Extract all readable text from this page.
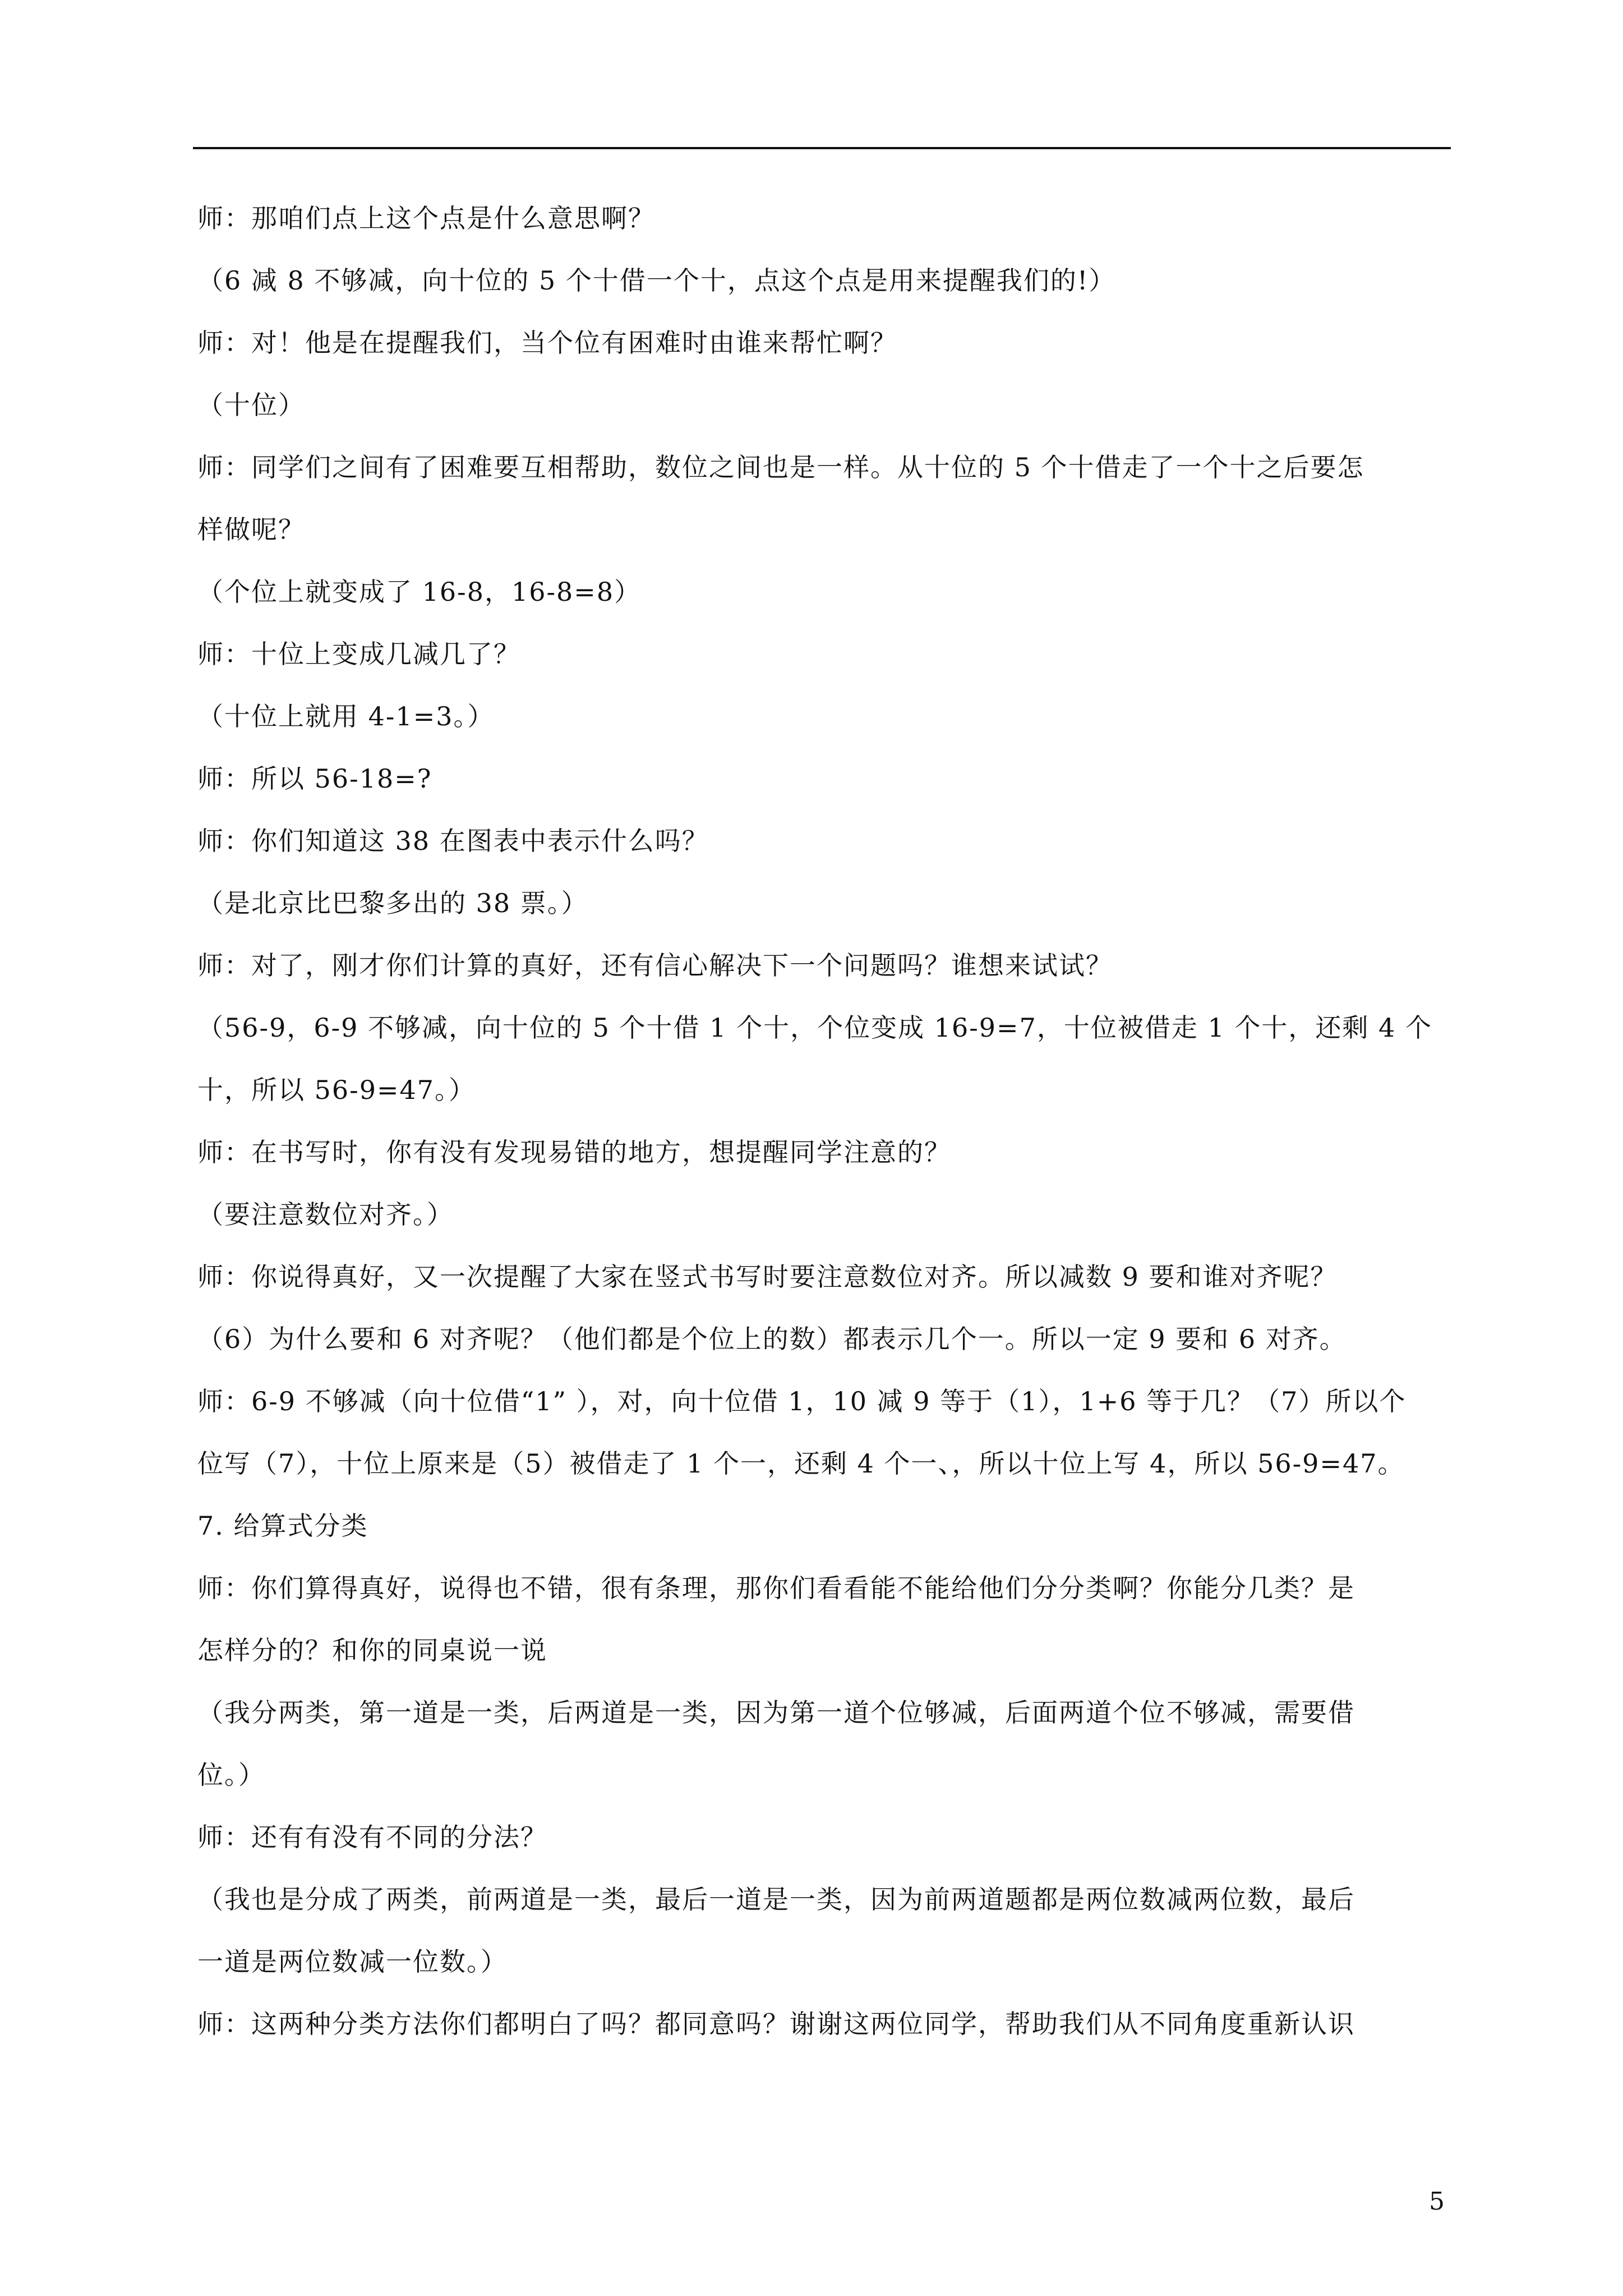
师：那咱们点上这个点是什么意思啊？

（6 减 8 不够减，向十位的 5 个十借一个十，点这个点是用来提醒我们的!）

师：对！他是在提醒我们，当个位有困难时由谁来帮忙啊？

（十位）

师：同学们之间有了困难要互相帮助，数位之间也是一样。从十位的 5 个十借走了一个十之后要怎

样做呢？

（个位上就变成了 16-8，16-8=8）

师：十位上变成几减几了？

（十位上就用 4-1=3。）

师：所以 56-18=?

师：你们知道这 38 在图表中表示什么吗？

（是北京比巴黎多出的 38 票。）

师：对了，刚才你们计算的真好，还有信心解决下一个问题吗？谁想来试试？

（56-9，6-9 不够减，向十位的 5 个十借 1 个十，个位变成 16-9=7，十位被借走 1 个十，还剩 4 个

十，所以 56-9=47。）

师：在书写时，你有没有发现易错的地方，想提醒同学注意的？

（要注意数位对齐。）

师：你说得真好，又一次提醒了大家在竖式书写时要注意数位对齐。所以减数 9 要和谁对齐呢？

（6）为什么要和 6 对齐呢？（他们都是个位上的数）都表示几个一。所以一定 9 要和 6 对齐。

师：6-9 不够减（向十位借“1” ），对，向十位借 1，10 减 9 等于（1），1+6 等于几？（7）所以个

位写（7），十位上原来是（5）被借走了 1 个一，还剩 4 个一、，所以十位上写 4，所以 56-9=47。

7. 给算式分类

师：你们算得真好，说得也不错，很有条理，那你们看看能不能给他们分分类啊？你能分几类？是

怎样分的？和你的同桌说一说

（我分两类，第一道是一类，后两道是一类，因为第一道个位够减，后面两道个位不够减，需要借

位。）

师：还有有没有不同的分法？

（我也是分成了两类，前两道是一类，最后一道是一类，因为前两道题都是两位数减两位数，最后

一道是两位数减一位数。）

师：这两种分类方法你们都明白了吗？都同意吗？谢谢这两位同学，帮助我们从不同角度重新认识

5
